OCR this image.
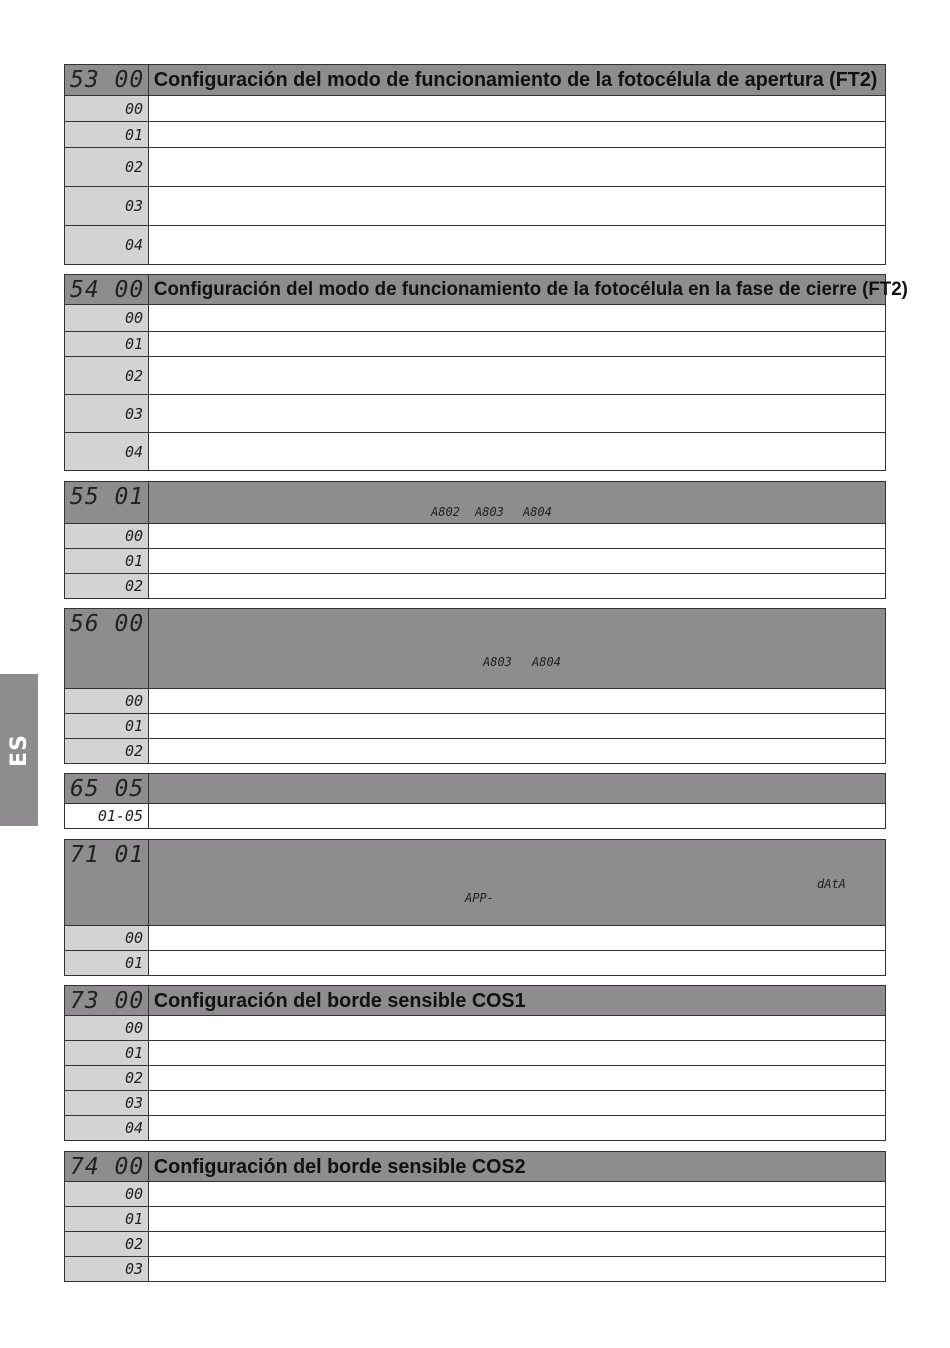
ES
53 00 Configuración del modo de funcionamiento de la fotocélula de apertura (FT2)
00
01
02
03
04
54 00 Configuración del modo de funcionamiento de la fotocélula en la fase de cierre (FT2)
00
01
02
03
04
55 01
A802 A803 A804
00
01
02
56 00
A803 A804
00
01
02
65 05
01-05
71 01
dAtA
APP-
00
01
73 00 Configuración del borde sensible COS1
00
01
02
03
04
74 00 Configuración del borde sensible COS2
00
01
02
03
